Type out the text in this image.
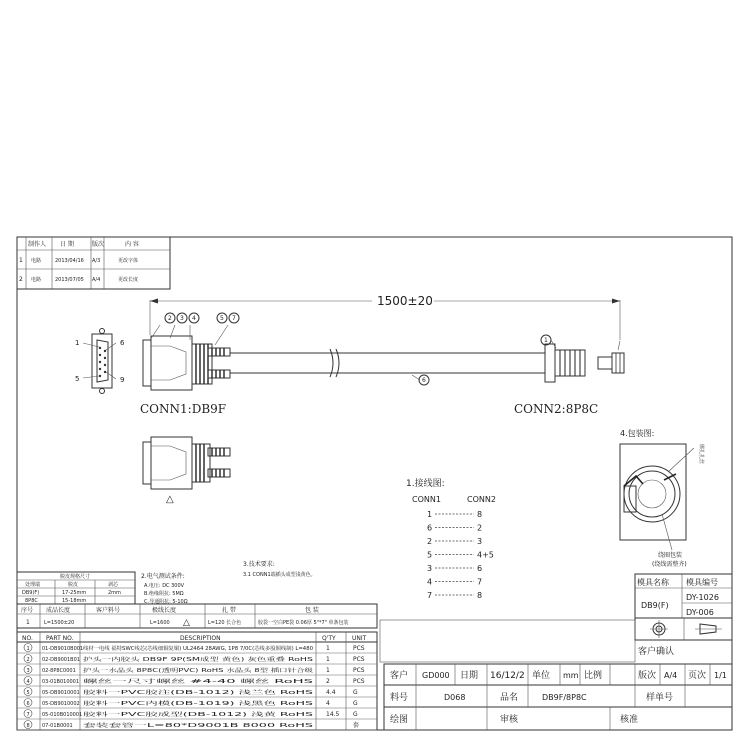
制作人 日 期	版次	内 容
1 电路	2013/04/16 A/3	更改字体
2 电路	2013/07/05 A/4	更改长度
1500±20
1	6
5	9
2 3 4	5 7
1
6
CONN1:DB9F	CONN2:8P8C
△
1.接线图:
CONN1	CONN2
1	8
6	2
2	3
5	4+5
3	6
4	7
7	8
4.包装图:
绑扎扎丝
绕圈包装
(绕线需整齐)
3.技术要求:
3.1 CONN1端插头成型浅黄色。
2.电气测试条件:
A.电压: DC 300V
B.绝缘阻抗: 5MΩ
C.导通阻抗: 5-10Ω
脱皮规格尺寸
处理端	脱皮	剥芯
DB9(F)	17-25mm	2mm
8P8C	15-18mm
序号 成品长度	客户料号	极线长度	扎 带	包 装
1	L=1500±20	L=1600 △	L=120 长合色	胶袋一空白PE袋 0.06厚 5"*7" 单条包装
NO. PART NO.	DESCRIPTION	Q'TY	UNIT
1 01-DB9010B001 线材一电线 福特SWC线芯(芯线细铜复铜) UL2464 28AWG, 1P8 7/0C(芯线多股铜线制) L=480	1	PCS
2 02-DB9001B01 护头一内胶头 DB9F 9P(SM成型 黄色) 灰色重叠 RoHS	1	PCS
3 02-8P8C0001 护头一水晶头 8P8C(透明PVC) RoHS 水晶头 8型 插口针合级	1	PCS
4 03-01B010001 螺丝一尺寸螺丝 #4-40 螺丝 RoHS	2	PCS
5 05-DB9010001 胶料一PVC胶注(DB-1012) 浅兰色 RoHS	4.4	G
6 05-DB9010002 胶料一PVC内模(DB-1019) 浅黑色 RoHS	4	G
7 05-010B010001 胶料一PVC胶成型(DB-1012) 浅黄 RoHS	14.5 G
8 07-01B0001 套装套管一L=80*D9001B 8000 RoHS	套
模具名称 模具编号
DB9(F)
DY-1026
DY-006
客户确认
客户 GD000 日期 16/12/2 单位 mm 比例	版次 A/4 页次 1/1
料号	D068	品名	DB9F/8P8C	样单号
绘图	审核	核准
